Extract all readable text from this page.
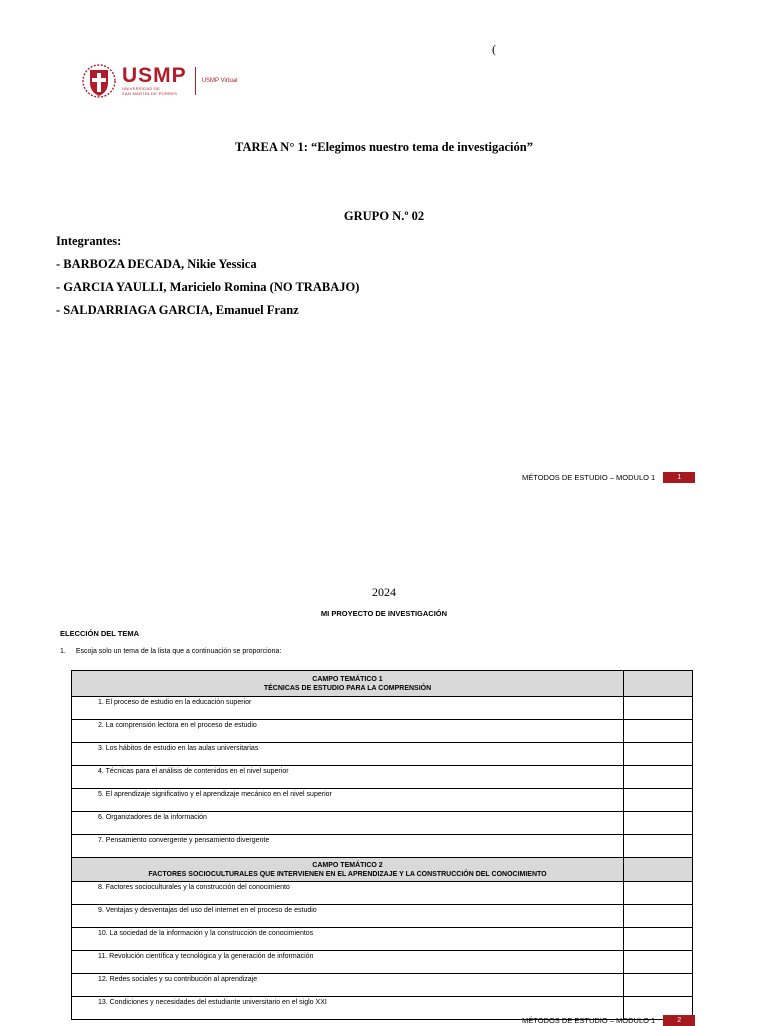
(
USMP
UNIVERSIDAD DE
SAN MARTÍN DE PORRES
USMP Virtual
TAREA N° 1: “Elegimos nuestro tema de investigación”
GRUPO N.º 02
Integrantes:
- BARBOZA DECADA, Nikie Yessica
- GARCIA YAULLI, Maricielo Romina (NO TRABAJO)
- SALDARRIAGA GARCIA, Emanuel Franz
MÉTODOS DE ESTUDIO – MODULO 1	1
2024
MI PROYECTO DE INVESTIGACIÓN
ELECCIÓN DEL TEMA
1. Escoja solo un tema de la lista que a continuación se proporciona:
CAMPO TEMÁTICO 1
TÉCNICAS DE ESTUDIO PARA LA COMPRENSIÓN	

1. El proceso de estudio en la educación superior	
2. La comprensión lectora en el proceso de estudio	
3. Los hábitos de estudio en las aulas universitarias	
4. Técnicas para el análisis de contenidos en el nivel superior	
5. El aprendizaje significativo y el aprendizaje mecánico en el nivel superior	
6. Organizadores de la información	
7. Pensamiento convergente y pensamiento divergente	

CAMPO TEMÁTICO 2
FACTORES SOCIOCULTURALES QUE INTERVIENEN EN EL APRENDIZAJE Y LA CONSTRUCCIÓN DEL CONOCIMIENTO	

8. Factores socioculturales y la construcción del conocimiento	
9. Ventajas y desventajas del uso del internet en el proceso de estudio	
10. La sociedad de la información y la construcción de conocimientos	
11. Revolución científica y tecnológica y la generación de información	
12. Redes sociales y su contribución al aprendizaje	
13. Condiciones y necesidades del estudiante universitario en el siglo XXI	
MÉTODOS DE ESTUDIO – MODULO 1	2
